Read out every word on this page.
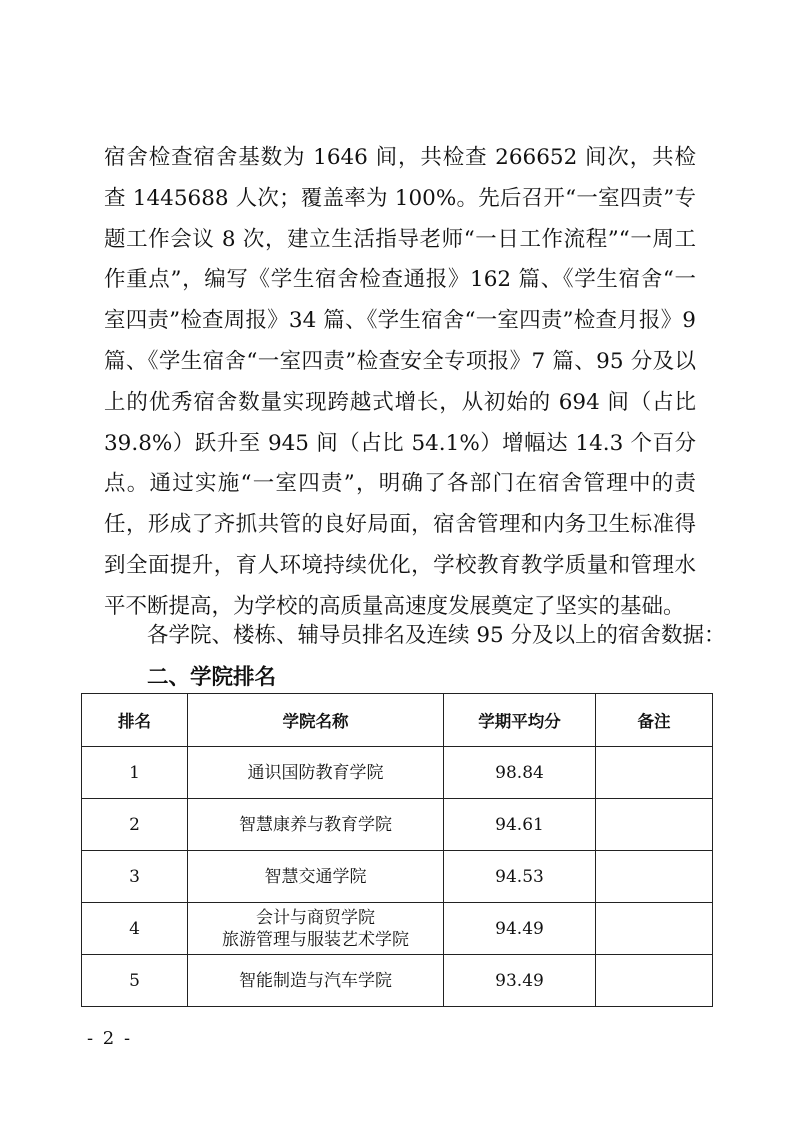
宿舍检查宿舍基数为 1646 间，共检查 266652 间次，共检查 1445688 人次；覆盖率为 100%。先后召开“一室四责”专题工作会议 8 次，建立生活指导老师“一日工作流程”“一周工作重点”，编写《学生宿舍检查通报》162 篇、《学生宿舍“一室四责”检查周报》34 篇、《学生宿舍“一室四责”检查月报》9 篇、《学生宿舍“一室四责”检查安全专项报》7 篇、95 分及以上的优秀宿舍数量实现跨越式增长，从初始的 694 间（占比 39.8%）跃升至 945 间（占比 54.1%）增幅达 14.3 个百分点。通过实施“一室四责”，明确了各部门在宿舍管理中的责任，形成了齐抓共管的良好局面，宿舍管理和内务卫生标准得到全面提升，育人环境持续优化，学校教育教学质量和管理水平不断提高，为学校的高质量高速度发展奠定了坚实的基础。

各学院、楼栋、辅导员排名及连续 95 分及以上的宿舍数据：

二、学院排名

排名	学院名称	学期平均分	备注
1	通识国防教育学院	98.84	
2	智慧康养与教育学院	94.61	
3	智慧交通学院	94.53	
4	会计与商贸学院
旅游管理与服装艺术学院	94.49	
5	智能制造与汽车学院	93.49	

- 2 -
